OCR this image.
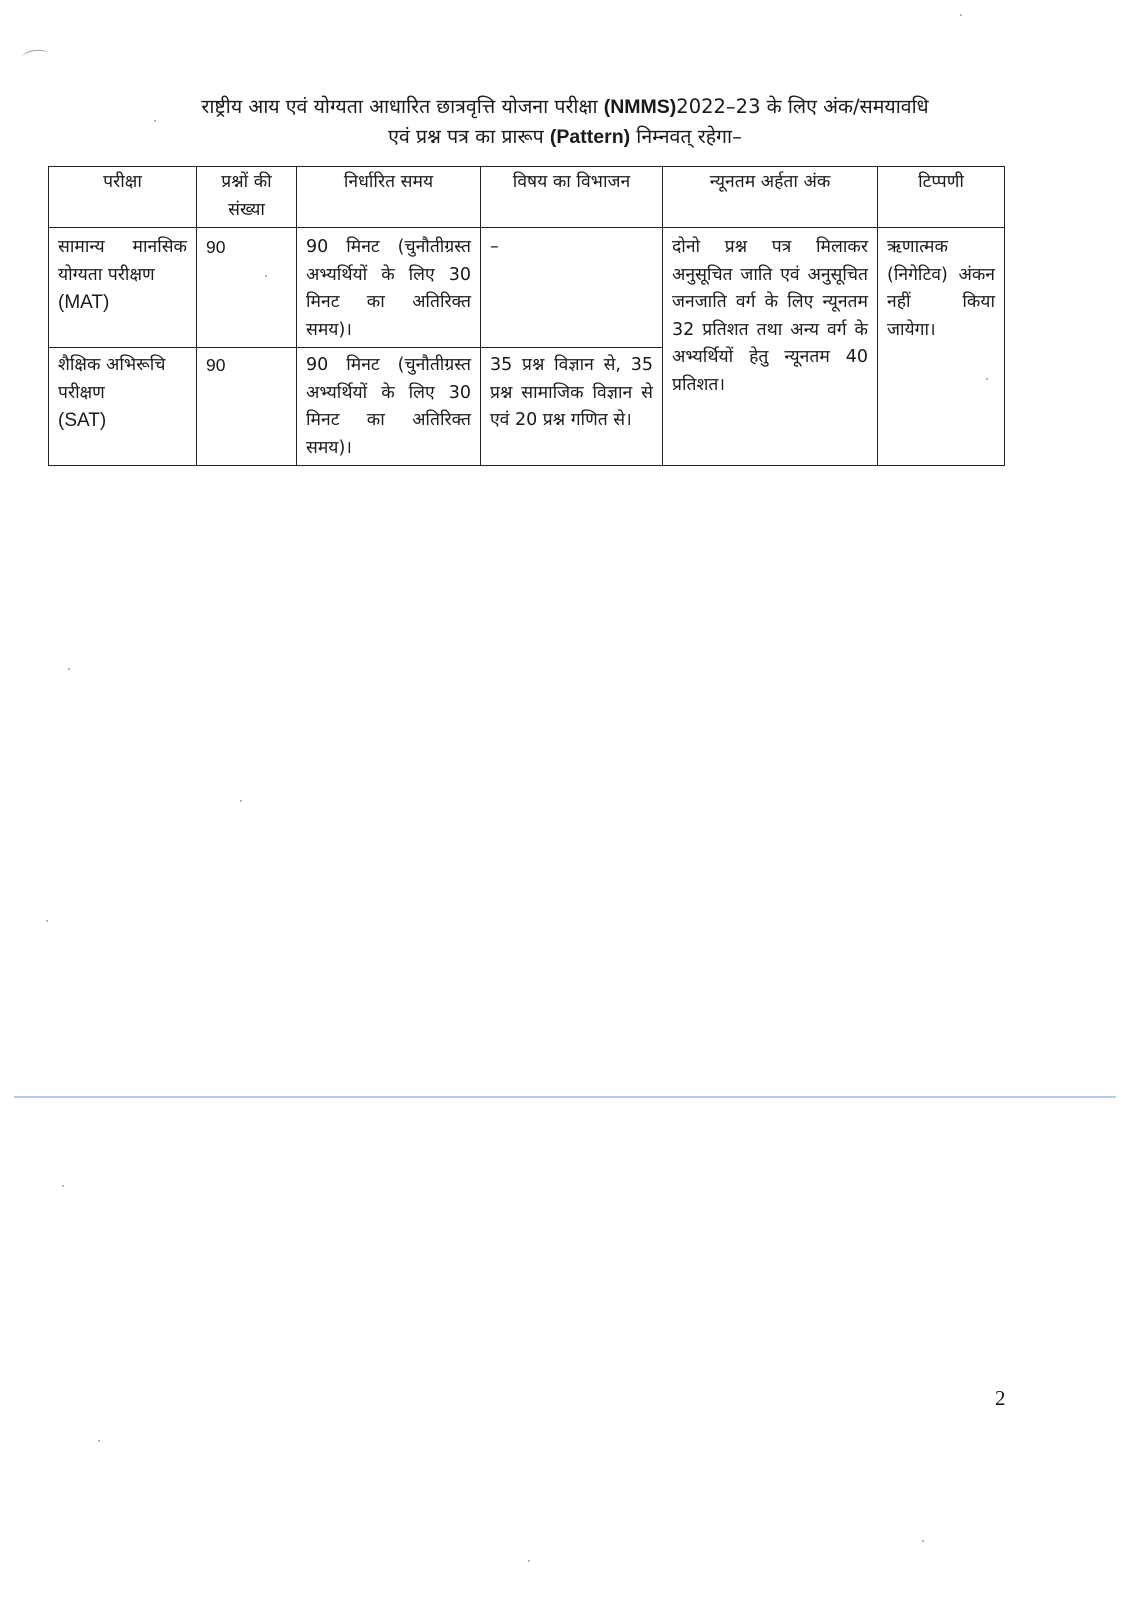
राष्ट्रीय आय एवं योग्यता आधारित छात्रवृत्ति योजना परीक्षा (NMMS)2022–23 के लिए अंक/समयावधि
एवं प्रश्न पत्र का प्रारूप (Pattern) निम्नवत् रहेगा–
परीक्षा	प्रश्नों की संख्या	निर्धारित समय	विषय का विभाजन	न्यूनतम अर्हता अंक	टिप्पणी

सामान्य मानसिक योग्यता परीक्षण
(MAT)	90	90 मिनट (चुनौतीग्रस्त अभ्यर्थियों के लिए 30 मिनट का अतिरिक्त समय)।	–	दोनो प्रश्न पत्र मिलाकर अनुसूचित जाति एवं अनुसूचित जनजाति वर्ग के लिए न्यूनतम 32 प्रतिशत तथा अन्य वर्ग के अभ्यर्थियों हेतु न्यूनतम 40 प्रतिशत।	ऋणात्मक (निगेटिव) अंकन नहीं किया जायेगा।

शैक्षिक अभिरूचि परीक्षण
(SAT)	90	90 मिनट (चुनौतीग्रस्त अभ्यर्थियों के लिए 30 मिनट का अतिरिक्त समय)।	35 प्रश्न विज्ञान से, 35 प्रश्न सामाजिक विज्ञान से एवं 20 प्रश्न गणित से।		
2
